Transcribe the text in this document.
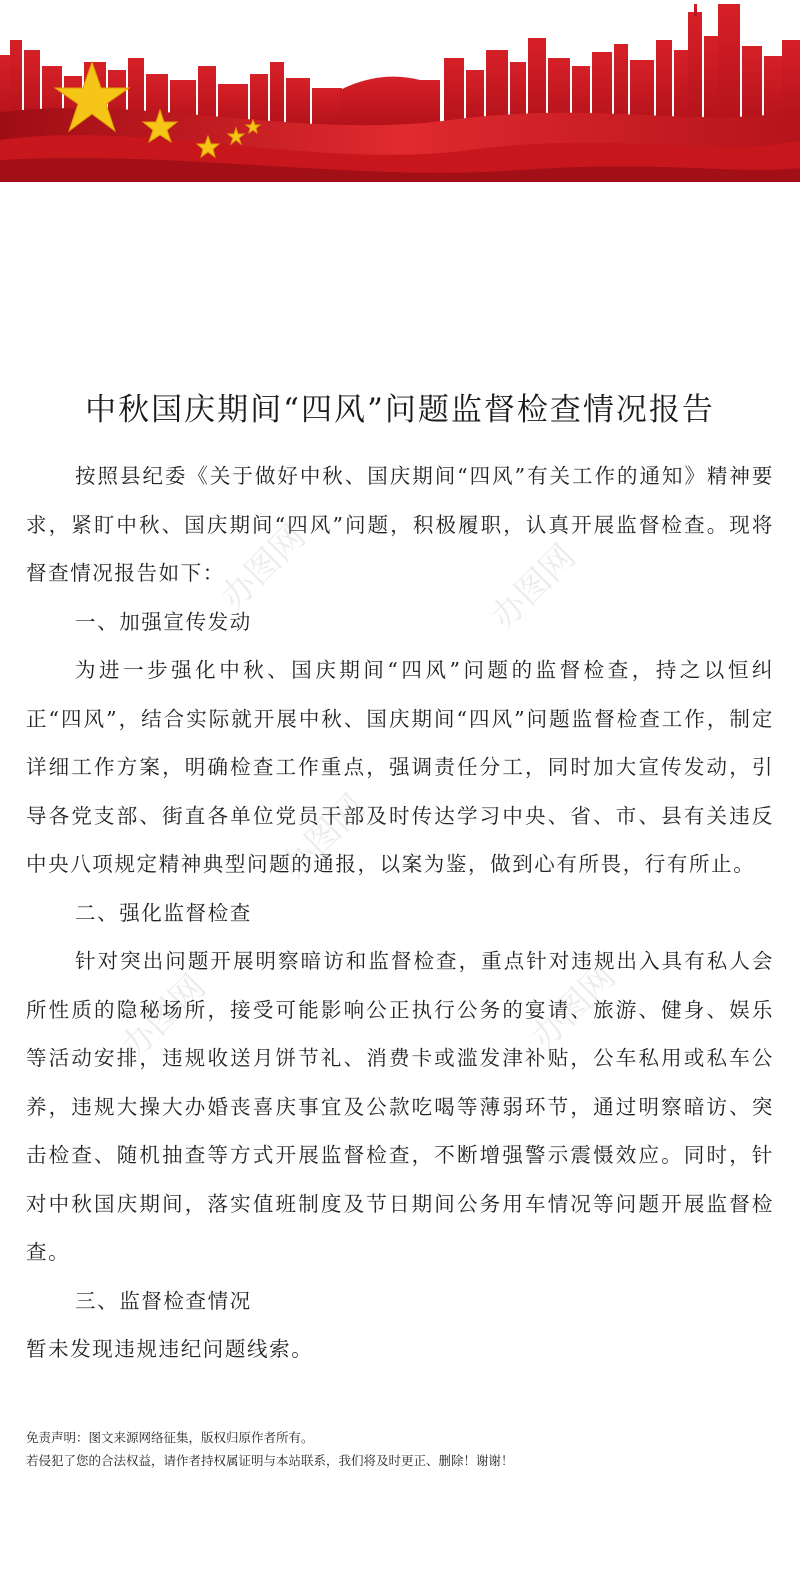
办图网
办图网
办图网
办图网
办图网
中秋国庆期间“四风”问题监督检查情况报告

按照县纪委《关于做好中秋、国庆期间“四风”有关工作的通知》精神要求，紧盯中秋、国庆期间“四风”问题，积极履职，认真开展监督检查。现将督查情况报告如下：

一、加强宣传发动

为进一步强化中秋、国庆期间“四风”问题的监督检查，持之以恒纠正“四风”，结合实际就开展中秋、国庆期间“四风”问题监督检查工作，制定详细工作方案，明确检查工作重点，强调责任分工，同时加大宣传发动，引导各党支部、街直各单位党员干部及时传达学习中央、省、市、县有关违反中央八项规定精神典型问题的通报，以案为鉴，做到心有所畏，行有所止。

二、强化监督检查

针对突出问题开展明察暗访和监督检查，重点针对违规出入具有私人会所性质的隐秘场所，接受可能影响公正执行公务的宴请、旅游、健身、娱乐等活动安排，违规收送月饼节礼、消费卡或滥发津补贴，公车私用或私车公养，违规大操大办婚丧喜庆事宜及公款吃喝等薄弱环节，通过明察暗访、突击检查、随机抽查等方式开展监督检查，不断增强警示震慑效应。同时，针对中秋国庆期间，落实值班制度及节日期间公务用车情况等问题开展监督检查。

三、监督检查情况

暂未发现违规违纪问题线索。

免责声明：图文来源网络征集，版权归原作者所有。
若侵犯了您的合法权益，请作者持权属证明与本站联系，我们将及时更正、删除！谢谢！
